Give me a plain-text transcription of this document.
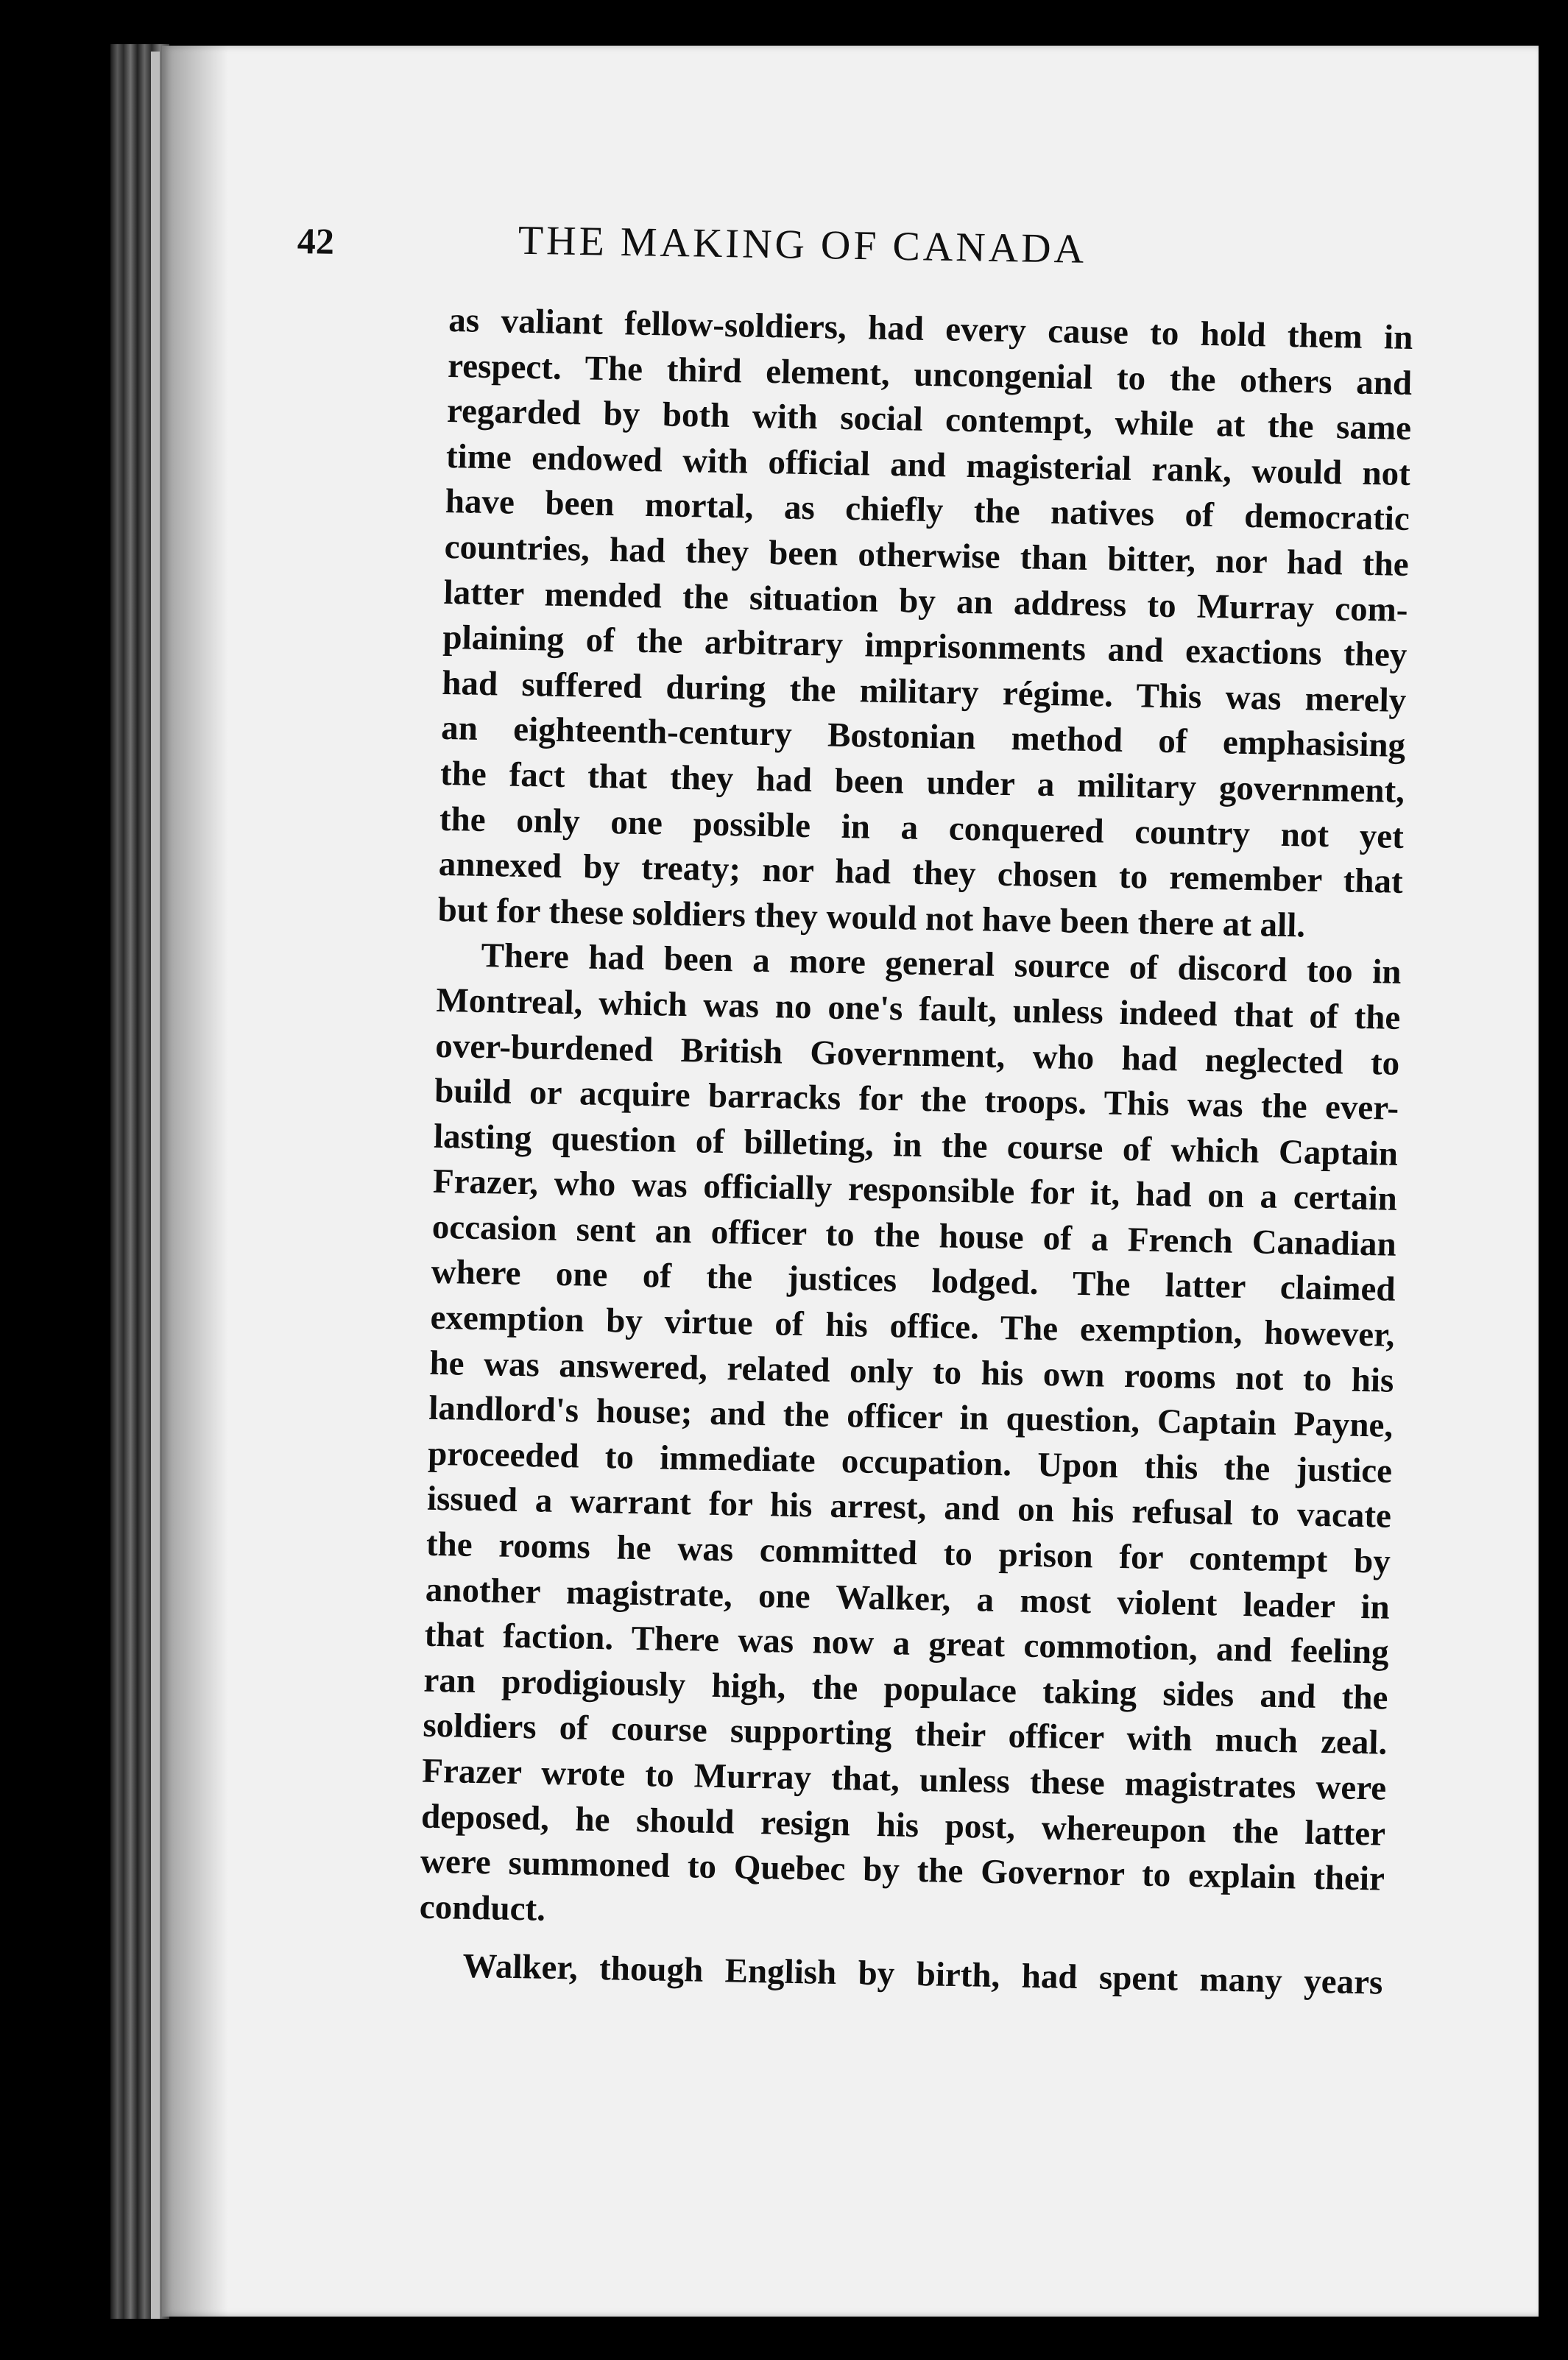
42	THE MAKING OF CANADA
as valiant fellow-soldiers, had every cause to hold them in
respect. The third element, uncongenial to the others and
regarded by both with social contempt, while at the same
time endowed with official and magisterial rank, would not
have been mortal, as chiefly the natives of democratic
countries, had they been otherwise than bitter, nor had the
latter mended the situation by an address to Murray com-
plaining of the arbitrary imprisonments and exactions they
had suffered during the military régime. This was merely
an eighteenth-century Bostonian method of emphasising
the fact that they had been under a military government,
the only one possible in a conquered country not yet
annexed by treaty; nor had they chosen to remember that
but for these soldiers they would not have been there at all.
There had been a more general source of discord too in
Montreal, which was no one's fault, unless indeed that of the
over-burdened British Government, who had neglected to
build or acquire barracks for the troops. This was the ever-
lasting question of billeting, in the course of which Captain
Frazer, who was officially responsible for it, had on a certain
occasion sent an officer to the house of a French Canadian
where one of the justices lodged. The latter claimed
exemption by virtue of his office. The exemption, however,
he was answered, related only to his own rooms not to his
landlord's house; and the officer in question, Captain Payne,
proceeded to immediate occupation. Upon this the justice
issued a warrant for his arrest, and on his refusal to vacate
the rooms he was committed to prison for contempt by
another magistrate, one Walker, a most violent leader in
that faction. There was now a great commotion, and feeling
ran prodigiously high, the populace taking sides and the
soldiers of course supporting their officer with much zeal.
Frazer wrote to Murray that, unless these magistrates were
deposed, he should resign his post, whereupon the latter
were summoned to Quebec by the Governor to explain their
conduct.
Walker, though English by birth, had spent many years
